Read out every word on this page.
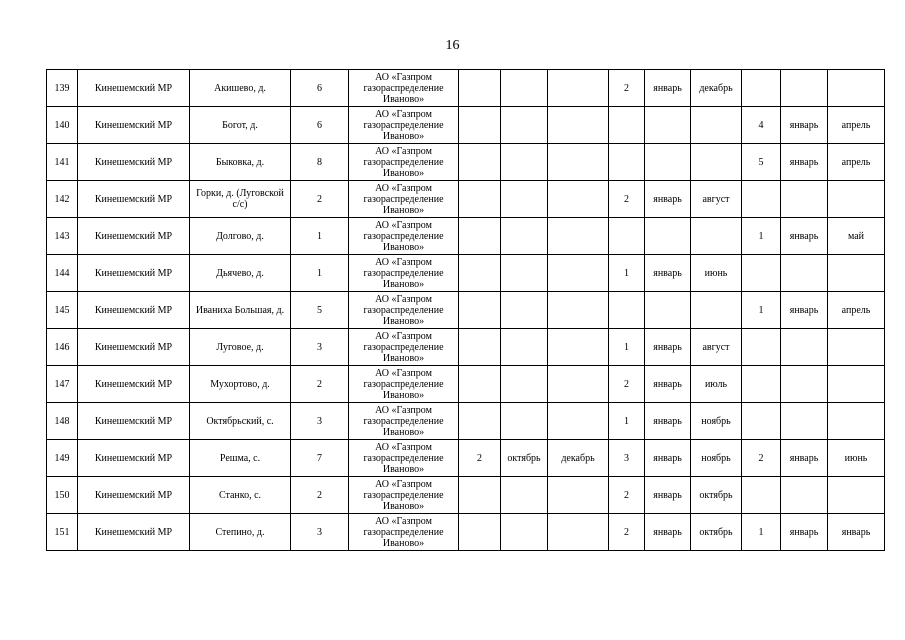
16
139	Кинешемский МР	Акишево, д.	6	АО «Газпром газораспределение Иваново»				2	январь	декабрь			
140	Кинешемский МР	Богот, д.	6	АО «Газпром газораспределение Иваново»							4	январь	апрель
141	Кинешемский МР	Быковка, д.	8	АО «Газпром газораспределение Иваново»							5	январь	апрель
142	Кинешемский МР	Горки, д. (Луговской с/с)	2	АО «Газпром газораспределение Иваново»				2	январь	август			
143	Кинешемский МР	Долгово, д.	1	АО «Газпром газораспределение Иваново»							1	январь	май
144	Кинешемский МР	Дьячево, д.	1	АО «Газпром газораспределение Иваново»				1	январь	июнь			
145	Кинешемский МР	Иваниха Большая, д.	5	АО «Газпром газораспределение Иваново»							1	январь	апрель
146	Кинешемский МР	Луговое, д.	3	АО «Газпром газораспределение Иваново»				1	январь	август			
147	Кинешемский МР	Мухортово, д.	2	АО «Газпром газораспределение Иваново»				2	январь	июль			
148	Кинешемский МР	Октябрьский, с.	3	АО «Газпром газораспределение Иваново»				1	январь	ноябрь			
149	Кинешемский МР	Решма, с.	7	АО «Газпром газораспределение Иваново»	2	октябрь	декабрь	3	январь	ноябрь	2	январь	июнь
150	Кинешемский МР	Станко, с.	2	АО «Газпром газораспределение Иваново»				2	январь	октябрь			
151	Кинешемский МР	Степино, д.	3	АО «Газпром газораспределение Иваново»				2	январь	октябрь	1	январь	январь
